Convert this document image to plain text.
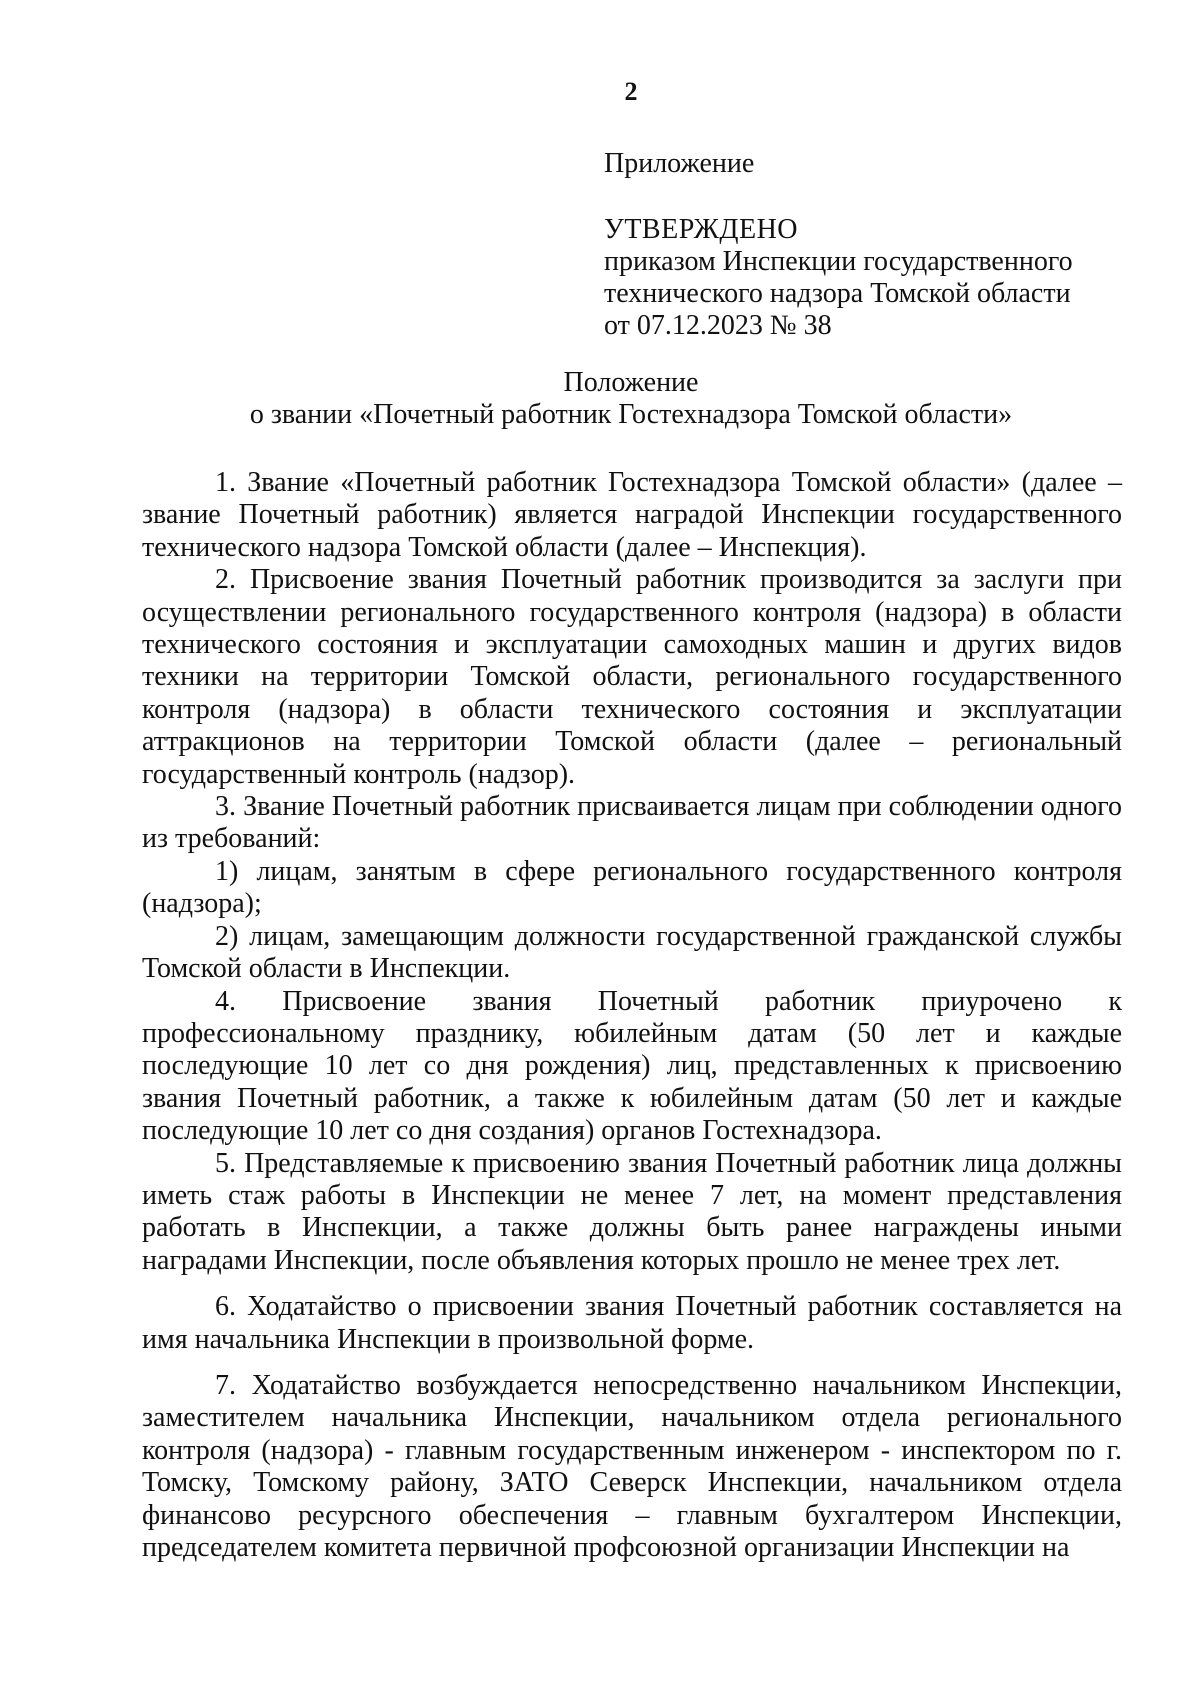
2

Приложение

УТВЕРЖДЕНО

приказом Инспекции государственного

технического надзора Томской области

от 07.12.2023 № 38

Положение

о звании «Почетный работник Гостехнадзора Томской области»

1. Звание «Почетный работник Гостехнадзора Томской области» (далее – звание Почетный работник) является наградой Инспекции государственного технического надзора Томской области (далее – Инспекция).

2. Присвоение звания Почетный работник производится за заслуги при осуществлении регионального государственного контроля (надзора) в области технического состояния и эксплуатации самоходных машин и других видов техники на территории Томской области, регионального государственного контроля (надзора) в области технического состояния и эксплуатации аттракционов на территории Томской области (далее – региональный государственный контроль (надзор).

3. Звание Почетный работник присваивается лицам при соблюдении одного из требований:

1) лицам, занятым в сфере регионального государственного контроля (надзора);

2) лицам, замещающим должности государственной гражданской службы Томской области в Инспекции.

4. Присвоение звания Почетный работник приурочено к профессиональному празднику, юбилейным датам (50 лет и каждые последующие 10 лет со дня рождения) лиц, представленных к присвоению звания Почетный работник, а также к юбилейным датам (50 лет и каждые последующие 10 лет со дня создания) органов Гостехнадзора.

5. Представляемые к присвоению звания Почетный работник лица должны иметь стаж работы в Инспекции не менее 7 лет, на момент представления работать в Инспекции, а также должны быть ранее награждены иными наградами Инспекции, после объявления которых прошло не менее трех лет.

6. Ходатайство о присвоении звания Почетный работник составляется на имя начальника Инспекции в произвольной форме.

7. Ходатайство возбуждается непосредственно начальником Инспекции, заместителем начальника Инспекции, начальником отдела регионального контроля (надзора) - главным государственным инженером - инспектором по г. Томску, Томскому району, ЗАТО Северск Инспекции, начальником отдела финансово ресурсного обеспечения – главным бухгалтером Инспекции, председателем комитета первичной профсоюзной организации Инспекции на
